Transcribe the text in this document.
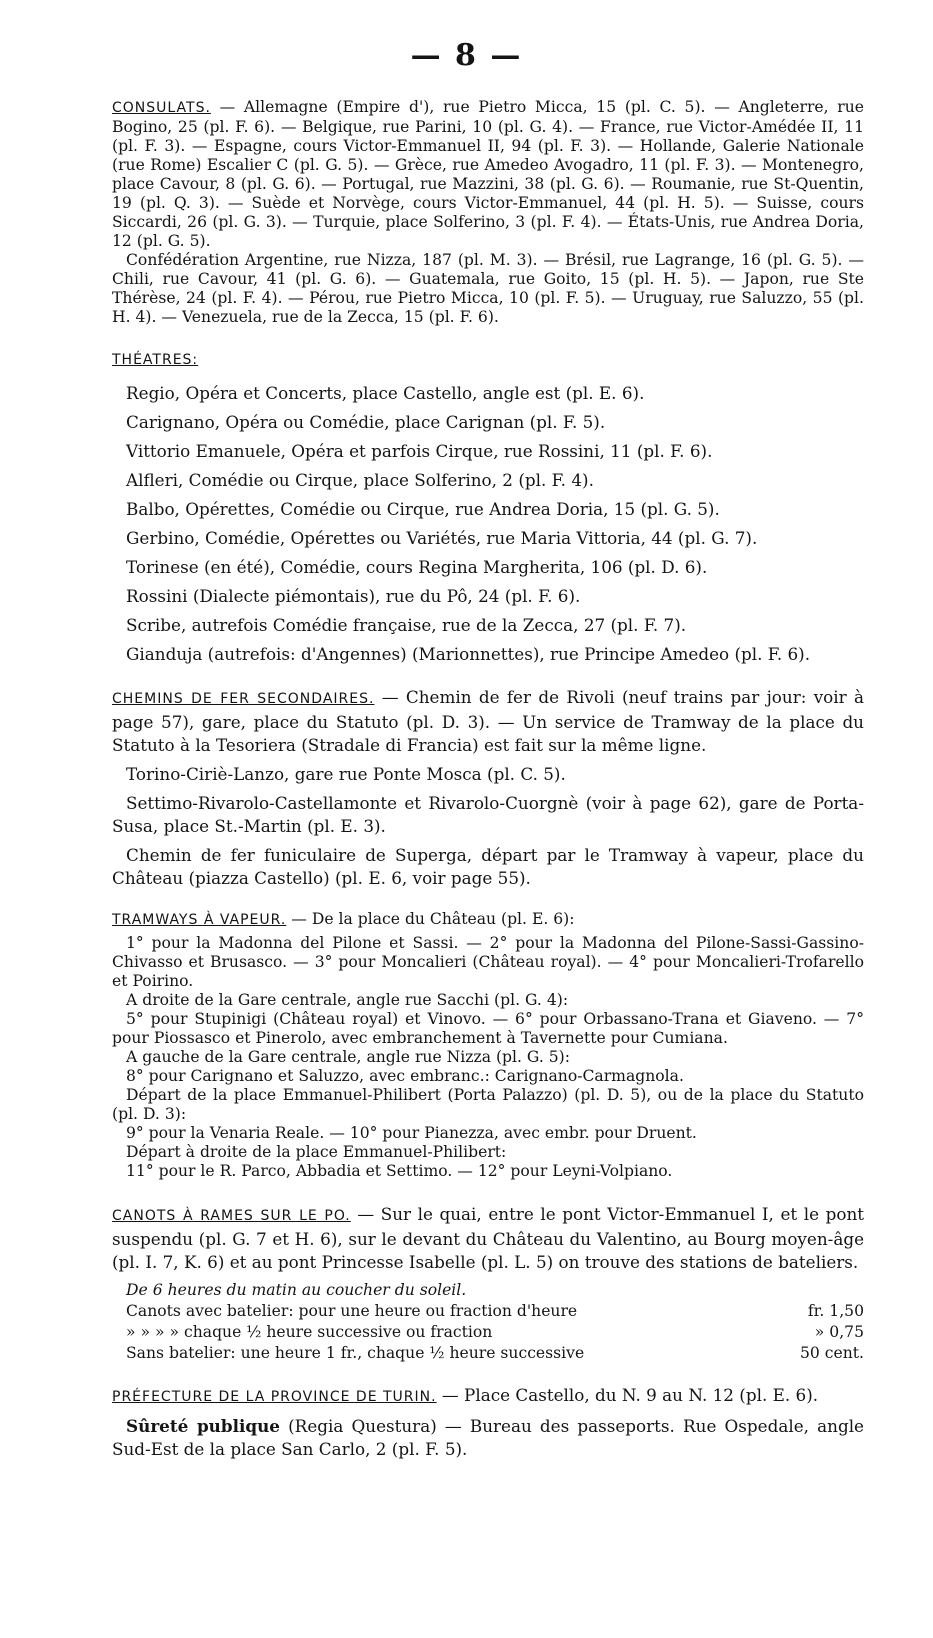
— 8 —

CONSULATS. — Allemagne (Empire d'), rue Pietro Micca, 15 (pl. C. 5). — Angleterre, rue Bogino, 25 (pl. F. 6). — Belgique, rue Parini, 10 (pl. G. 4). — France, rue Victor-Amédée II, 11 (pl. F. 3). — Espagne, cours Victor-Emmanuel II, 94 (pl. F. 3). — Hollande, Galerie Nationale (rue Rome) Escalier C (pl. G. 5). — Grèce, rue Amedeo Avogadro, 11 (pl. F. 3). — Montenegro, place Cavour, 8 (pl. G. 6). — Portugal, rue Mazzini, 38 (pl. G. 6). — Roumanie, rue St-Quentin, 19 (pl. Q. 3). — Suède et Norvège, cours Victor-Emmanuel, 44 (pl. H. 5). — Suisse, cours Siccardi, 26 (pl. G. 3). — Turquie, place Solferino, 3 (pl. F. 4). — États-Unis, rue Andrea Doria, 12 (pl. G. 5).

Confédération Argentine, rue Nizza, 187 (pl. M. 3). — Brésil, rue Lagrange, 16 (pl. G. 5). — Chili, rue Cavour, 41 (pl. G. 6). — Guatemala, rue Goito, 15 (pl. H. 5). — Japon, rue Ste Thérèse, 24 (pl. F. 4). — Pérou, rue Pietro Micca, 10 (pl. F. 5). — Uruguay, rue Saluzzo, 55 (pl. H. 4). — Venezuela, rue de la Zecca, 15 (pl. F. 6).

THÉATRES:

Regio, Opéra et Concerts, place Castello, angle est (pl. E. 6).

Carignano, Opéra ou Comédie, place Carignan (pl. F. 5).

Vittorio Emanuele, Opéra et parfois Cirque, rue Rossini, 11 (pl. F. 6).

Alfleri, Comédie ou Cirque, place Solferino, 2 (pl. F. 4).

Balbo, Opérettes, Comédie ou Cirque, rue Andrea Doria, 15 (pl. G. 5).

Gerbino, Comédie, Opérettes ou Variétés, rue Maria Vittoria, 44 (pl. G. 7).

Torinese (en été), Comédie, cours Regina Margherita, 106 (pl. D. 6).

Rossini (Dialecte piémontais), rue du Pô, 24 (pl. F. 6).

Scribe, autrefois Comédie française, rue de la Zecca, 27 (pl. F. 7).

Gianduja (autrefois: d'Angennes) (Marionnettes), rue Principe Amedeo (pl. F. 6).

CHEMINS DE FER SECONDAIRES. — Chemin de fer de Rivoli (neuf trains par jour: voir à page 57), gare, place du Statuto (pl. D. 3). — Un service de Tramway de la place du Statuto à la Tesoriera (Stradale di Francia) est fait sur la même ligne.

Torino-Ciriè-Lanzo, gare rue Ponte Mosca (pl. C. 5).

Settimo-Rivarolo-Castellamonte et Rivarolo-Cuorgnè (voir à page 62), gare de Porta-Susa, place St.-Martin (pl. E. 3).

Chemin de fer funiculaire de Superga, départ par le Tramway à vapeur, place du Château (piazza Castello) (pl. E. 6, voir page 55).

TRAMWAYS À VAPEUR. — De la place du Château (pl. E. 6):

1° pour la Madonna del Pilone et Sassi. — 2° pour la Madonna del Pilone-Sassi-Gassino-Chivasso et Brusasco. — 3° pour Moncalieri (Château royal). — 4° pour Moncalieri-Trofarello et Poirino.

A droite de la Gare centrale, angle rue Sacchi (pl. G. 4):

5° pour Stupinigi (Château royal) et Vinovo. — 6° pour Orbassano-Trana et Giaveno. — 7° pour Piossasco et Pinerolo, avec embranchement à Tavernette pour Cumiana.

A gauche de la Gare centrale, angle rue Nizza (pl. G. 5):

8° pour Carignano et Saluzzo, avec embranc.: Carignano-Carmagnola.

Départ de la place Emmanuel-Philibert (Porta Palazzo) (pl. D. 5), ou de la place du Statuto (pl. D. 3):

9° pour la Venaria Reale. — 10° pour Pianezza, avec embr. pour Druent.

Départ à droite de la place Emmanuel-Philibert:

11° pour le R. Parco, Abbadia et Settimo. — 12° pour Leyni-Volpiano.

CANOTS À RAMES SUR LE PO. — Sur le quai, entre le pont Victor-Emmanuel I, et le pont suspendu (pl. G. 7 et H. 6), sur le devant du Château du Valentino, au Bourg moyen-âge (pl. I. 7, K. 6) et au pont Princesse Isabelle (pl. L. 5) on trouve des stations de bateliers.

De 6 heures du matin au coucher du soleil.

Canots avec batelier: pour une heure ou fraction d'heure	fr. 1,50

» » » » chaque ½ heure successive ou fraction	» 0,75

Sans batelier: une heure 1 fr., chaque ½ heure successive	50 cent.

PRÉFECTURE DE LA PROVINCE DE TURIN. — Place Castello, du N. 9 au N. 12 (pl. E. 6).

Sûreté publique (Regia Questura) — Bureau des passeports. Rue Ospedale, angle Sud-Est de la place San Carlo, 2 (pl. F. 5).
